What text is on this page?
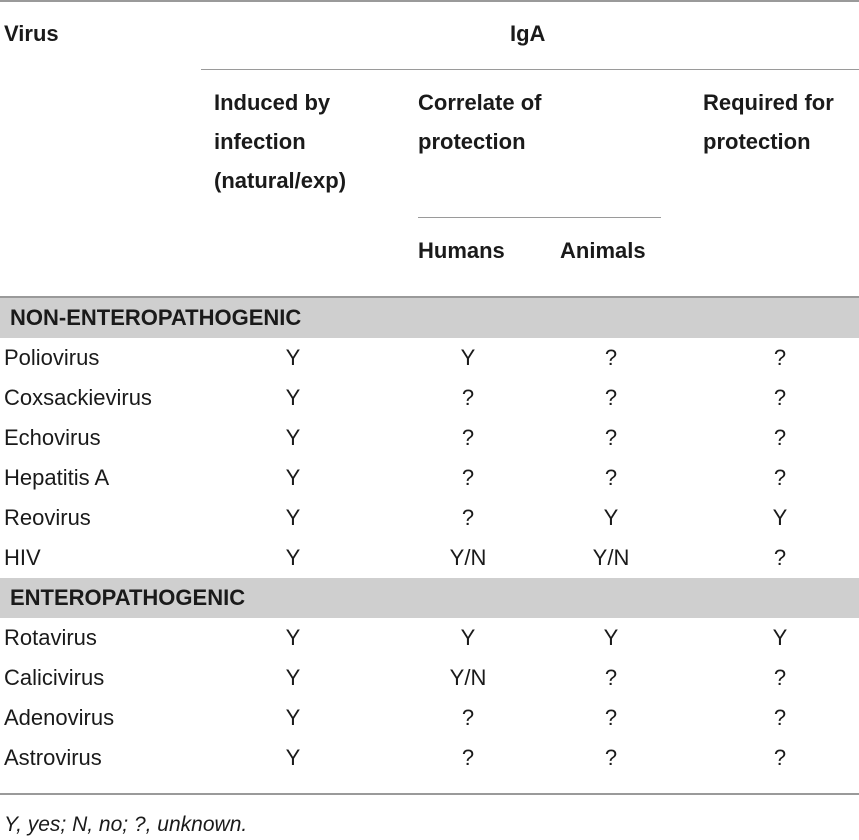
Virus	IgA
Induced by
infection
(natural/exp)
Correlate of
protection
Required for
protection
Humans	Animals
NON-ENTEROPATHOGENIC
Poliovirus	Y	Y	?	?
Coxsackievirus	Y	?	?	?
Echovirus	Y	?	?	?
Hepatitis A	Y	?	?	?
Reovirus	Y	?	Y	Y
HIV	Y	Y/N	Y/N	?
ENTEROPATHOGENIC
Rotavirus	Y	Y	Y	Y
Calicivirus	Y	Y/N	?	?
Adenovirus	Y	?	?	?
Astrovirus	Y	?	?	?
Y, yes; N, no; ?, unknown.
